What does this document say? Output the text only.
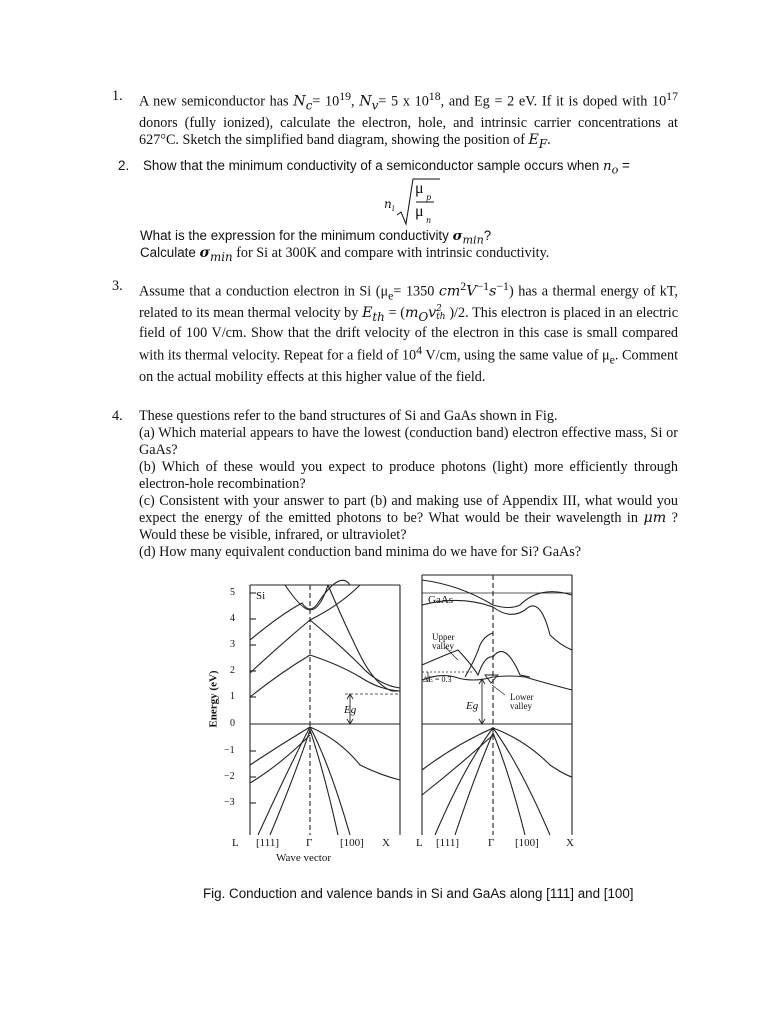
1. A new semiconductor has $N_c= 10^{19}$, $N_v= 5$ x $10^{18}$, and Eg = 2 eV. If it is doped with $10^{17}$ donors (fully ionized), calculate the electron, hole, and intrinsic carrier concentrations at 627°C. Sketch the simplified band diagram, showing the position of $E_F$.
2. Show that the minimum conductivity of a semiconductor sample occurs when $n_o$ =
n i
μ
p
μ
n
What is the expression for the minimum conductivity $\sigma_{min}$?
Calculate $\sigma_{min}$ for Si at 300K and compare with intrinsic conductivity.
3. Assume that a conduction electron in Si ($\mu_e= 1350$ $cm^2V^{-1}s^{-1}$) has a thermal energy of kT, related to its mean thermal velocity by $E_{th} = (m_Ov$ 2
th )/2. This electron is placed in an electric field of 100 V/cm. Show that the drift velocity of the electron in this case is small compared with its thermal velocity. Repeat for a field of $10^4$ V/cm, using the same value of $\mu_e$. Comment on the actual mobility effects at this higher value of the field.
4. These questions refer to the band structures of Si and GaAs shown in Fig.

(a) Which material appears to have the lowest (conduction band) electron effective mass, Si or GaAs?

(b) Which of these would you expect to produce photons (light) more efficiently through electron-hole recombination?

(c) Consistent with your answer to part (b) and making use of Appendix III, what would you expect the energy of the emitted photons to be? What would be their wavelength in μm ? Would these be visible, infrared, or ultraviolet?

(d) How many equivalent conduction band minima do we have for Si? GaAs?

Si	GaAs
Energy (eV)
5
4
3
2
1
0
−1
−2
−3
L [111] Γ	[100] X L [111]	Γ [100] X
Wave vector
Eg	Eg
Upper
valley
Lower
valley
ΔE = 0.3
Fig. Conduction and valence bands in Si and GaAs along [111] and [100]
